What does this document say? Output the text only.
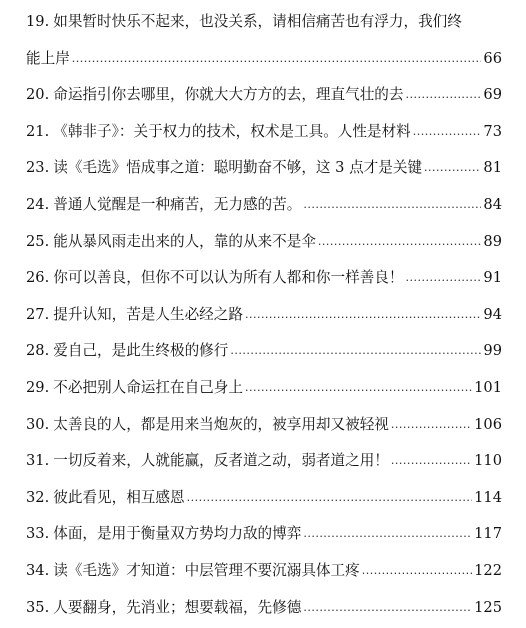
19. 如果暂时快乐不起来，也没关系，请相信痛苦也有浮力，我们终
能上岸 .....	66
20. 命运指引你去哪里，你就大大方方的去，理直气壮的去 .....	69
21. 《韩非子》：关于权力的技术，权术是工具。人性是材料 .....	73
23. 读《毛选》悟成事之道：聪明勤奋不够，这 3 点才是关键 .....	81
24. 普通人觉醒是一种痛苦，无力感的苦。 .....	84
25. 能从暴风雨走出来的人，靠的从来不是伞 .....	89
26. 你可以善良，但你不可以认为所有人都和你一样善良！ .....	91
27. 提升认知，苦是人生必经之路 .....	94
28. 爱自己，是此生终极的修行 .....	99
29. 不必把别人命运扛在自己身上 .....	101
30. 太善良的人，都是用来当炮灰的，被享用却又被轻视 .....	106
31. 一切反着来，人就能赢，反者道之动，弱者道之用！ .....	110
32. 彼此看见，相互感恩 .....	114
33. 体面，是用于衡量双方势均力敌的博弈 .....	117
34. 读《毛选》才知道：中层管理不要沉溺具体工疼 .....	122
35. 人要翻身，先消业；想要载福，先修德 .....	125
